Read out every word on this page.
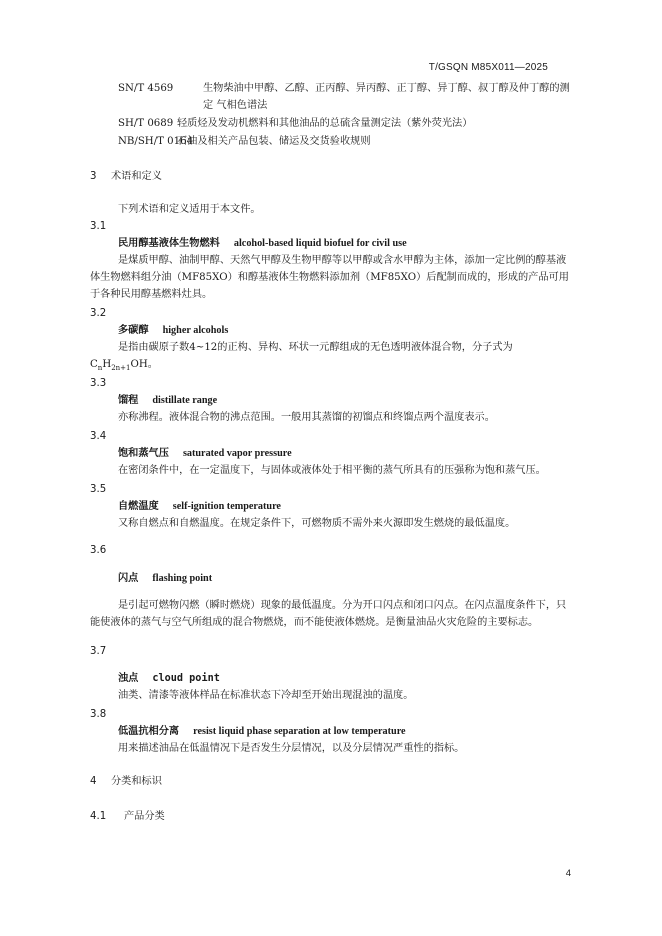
T/GSQN M85X011—2025
SN/T 4569	生物柴油中甲醇、乙醇、正丙醇、异丙醇、正丁醇、异丁醇、叔丁醇及仲丁醇的测定 气相色谱法
SH/T 0689 轻质烃及发动机燃料和其他油品的总硫含量测定法（紫外荧光法）
NB/SH/T 0164
石油及相关产品包装、储运及交货验收规则
3 术语和定义
下列术语和定义适用于本文件。
3.1
民用醇基液体生物燃料 alcohol-based liquid biofuel for civil use
是煤质甲醇、油制甲醇、天然气甲醇及生物甲醇等以甲醇或含水甲醇为主体，添加一定比例的醇基液体生物燃料组分油（MF85XO）和醇基液体生物燃料添加剂（MF85XO）后配制而成的，形成的产品可用于各种民用醇基燃料灶具。
3.2
多碳醇 higher alcohols
是指由碳原子数4~12的正构、异构、环状一元醇组成的无色透明液体混合物，分子式为$C_nH_{2n+1}OH$。
3.3
馏程 distillate range
亦称沸程。液体混合物的沸点范围。一般用其蒸馏的初馏点和终馏点两个温度表示。
3.4
饱和蒸气压 saturated vapor pressure
在密闭条件中，在一定温度下，与固体或液体处于相平衡的蒸气所具有的压强称为饱和蒸气压。
3.5
自燃温度 self-ignition temperature
又称自燃点和自燃温度。在规定条件下，可燃物质不需外来火源即发生燃烧的最低温度。
3.6
闪点 flashing point
是引起可燃物闪燃（瞬时燃烧）现象的最低温度。分为开口闪点和闭口闪点。在闪点温度条件下，只能使液体的蒸气与空气所组成的混合物燃烧，而不能使液体燃烧。是衡量油品火灾危险的主要标志。
3.7
浊点 cloud point
油类、清漆等液体样品在标准状态下冷却至开始出现混浊的温度。
3.8
低温抗相分离 resist liquid phase separation at low temperature
用来描述油品在低温情况下是否发生分层情况，以及分层情况严重性的指标。
4 分类和标识
4.1 产品分类
4
